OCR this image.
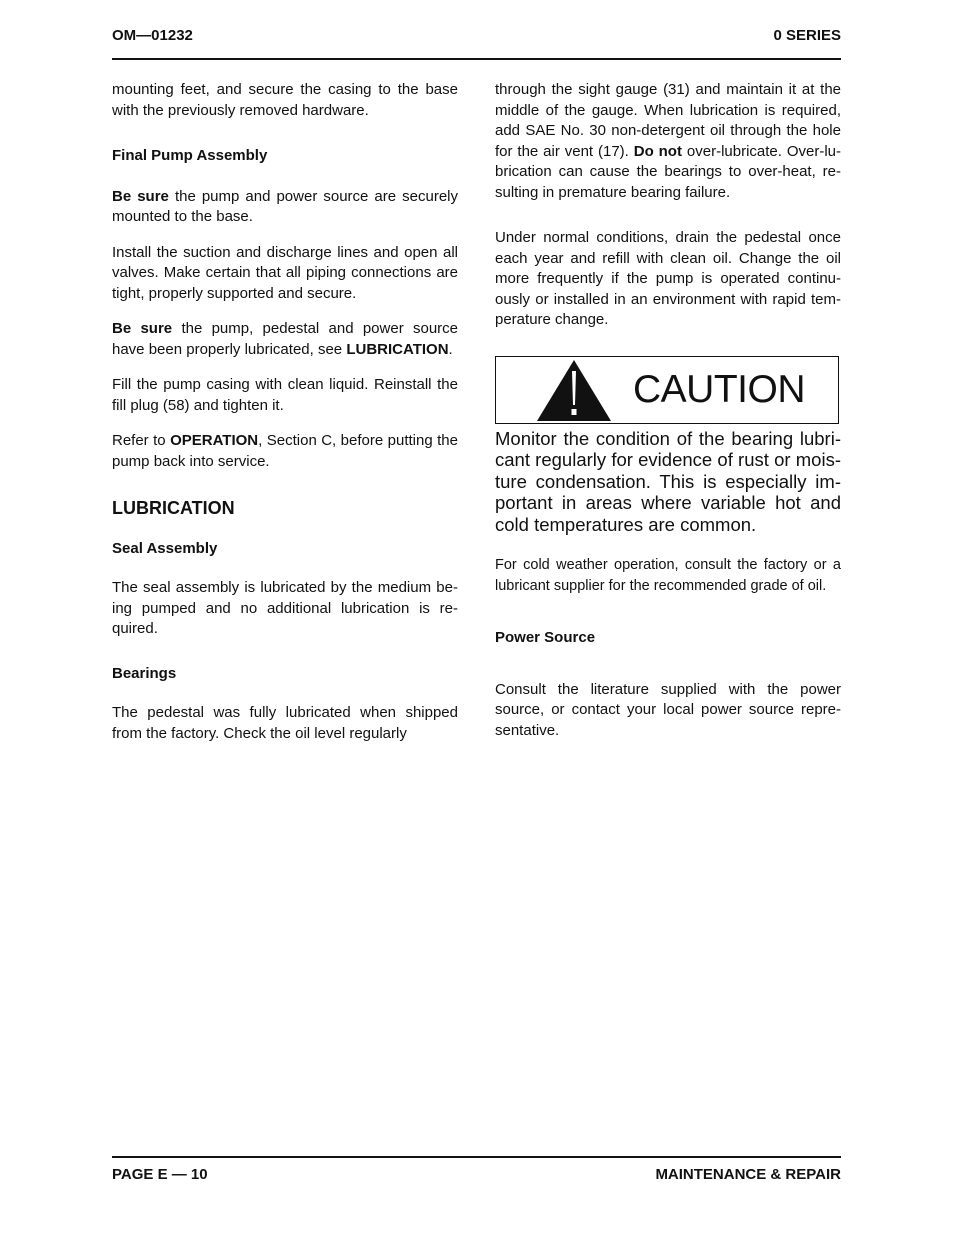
OM—01232	0 SERIES

mounting feet, and secure the casing to the base with the previously removed hardware.

Final Pump Assembly

Be sure the pump and power source are securely mounted to the base.

Install the suction and discharge lines and open all valves. Make certain that all piping connections are tight, properly supported and secure.

Be sure the pump, pedestal and power source have been properly lubricated, see LUBRICATION.

Fill the pump casing with clean liquid. Reinstall the fill plug (58) and tighten it.

Refer to OPERATION, Section C, before putting the pump back into service.

LUBRICATION

Seal Assembly

The seal assembly is lubricated by the medium being pumped and no additional lubrication is required.

Bearings

The pedestal was fully lubricated when shipped from the factory. Check the oil level regularly

through the sight gauge (31) and maintain it at the middle of the gauge. When lubrication is required, add SAE No. 30 non-detergent oil through the hole for the air vent (17). Do not over-lubricate. Over-lubrication can cause the bearings to over-heat, resulting in premature bearing failure.

Under normal conditions, drain the pedestal once each year and refill with clean oil. Change the oil more frequently if the pump is operated continuously or installed in an environment with rapid temperature change.

CAUTION

Monitor the condition of the bearing lubricant regularly for evidence of rust or moisture condensation. This is especially important in areas where variable hot and cold temperatures are common.

For cold weather operation, consult the factory or a lubricant supplier for the recommended grade of oil.

Power Source

Consult the literature supplied with the power source, or contact your local power source representative.

PAGE E — 10	MAINTENANCE & REPAIR
